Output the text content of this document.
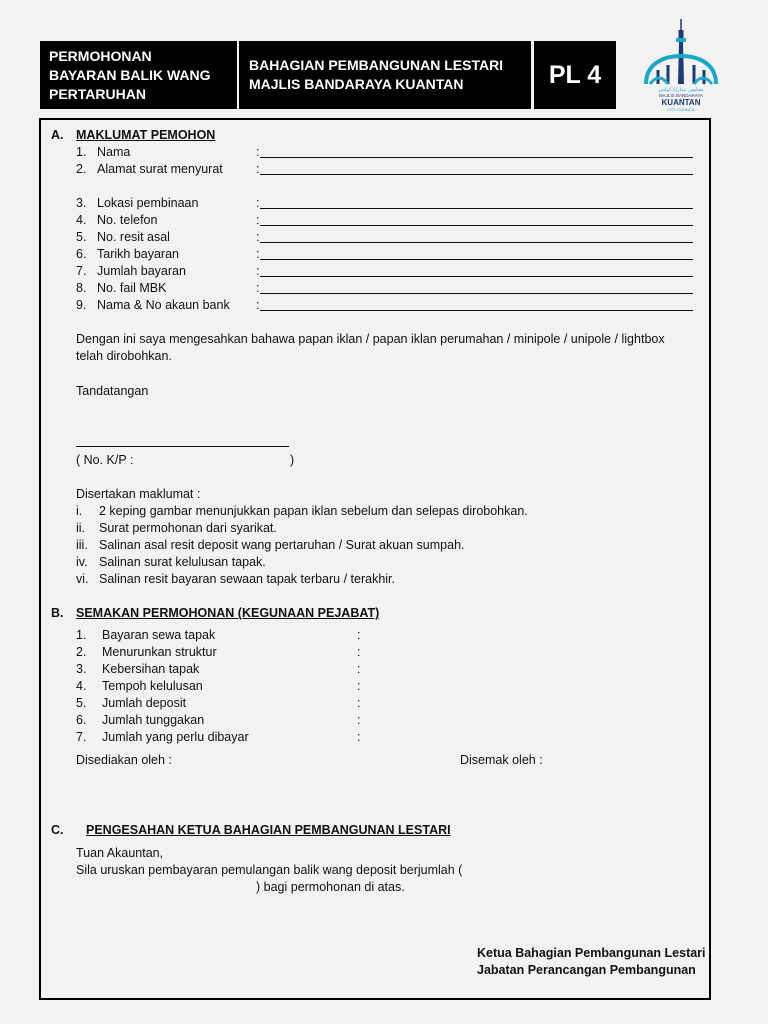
PERMOHONAN
BAYARAN BALIK WANG
PERTARUHAN
BAHAGIAN PEMBANGUNAN LESTARI
MAJLIS BANDARAYA KUANTAN	PL 4
مجليس بندارايا كوانتن
MAJLIS BANDARAYA
KUANTAN
CITY COUNCIL
A. MAKLUMAT PEMOHON
Dengan ini saya mengesahkan bahawa papan iklan / papan iklan perumahan / minipole / unipole / lightbox
telah dirobohkan.
Tandatangan
( No. K/P :	)
Disertakan maklumat :
B. SEMAKAN PERMOHONAN (KEGUNAAN PEJABAT)
Disediakan oleh :	Disemak oleh :
C. PENGESAHAN KETUA BAHAGIAN PEMBANGUNAN LESTARI
Tuan Akauntan,
Sila uruskan pembayaran pemulangan balik wang deposit berjumlah (
) bagi permohonan di atas.
Ketua Bahagian Pembangunan Lestari
Jabatan Perancangan Pembangunan
1. Nama	:
2. Alamat surat menyurat	:
3. Lokasi pembinaan	:
4. No. telefon	:
5. No. resit asal	:
6. Tarikh bayaran	:
7. Jumlah bayaran	:
8. No. fail MBK	:
9. Nama & No akaun bank :
i. 2 keping gambar menunjukkan papan iklan sebelum dan selepas dirobohkan.
ii. Surat permohonan dari syarikat.
iii. Salinan asal resit deposit wang pertaruhan / Surat akuan sumpah.
iv. Salinan surat kelulusan tapak.
vi. Salinan resit bayaran sewaan tapak terbaru / terakhir.
1. Bayaran sewa tapak	:
2. Menurunkan struktur	:
3. Kebersihan tapak	:
4. Tempoh kelulusan	:
5. Jumlah deposit	:
6. Jumlah tunggakan	:
7. Jumlah yang perlu dibayar	:
